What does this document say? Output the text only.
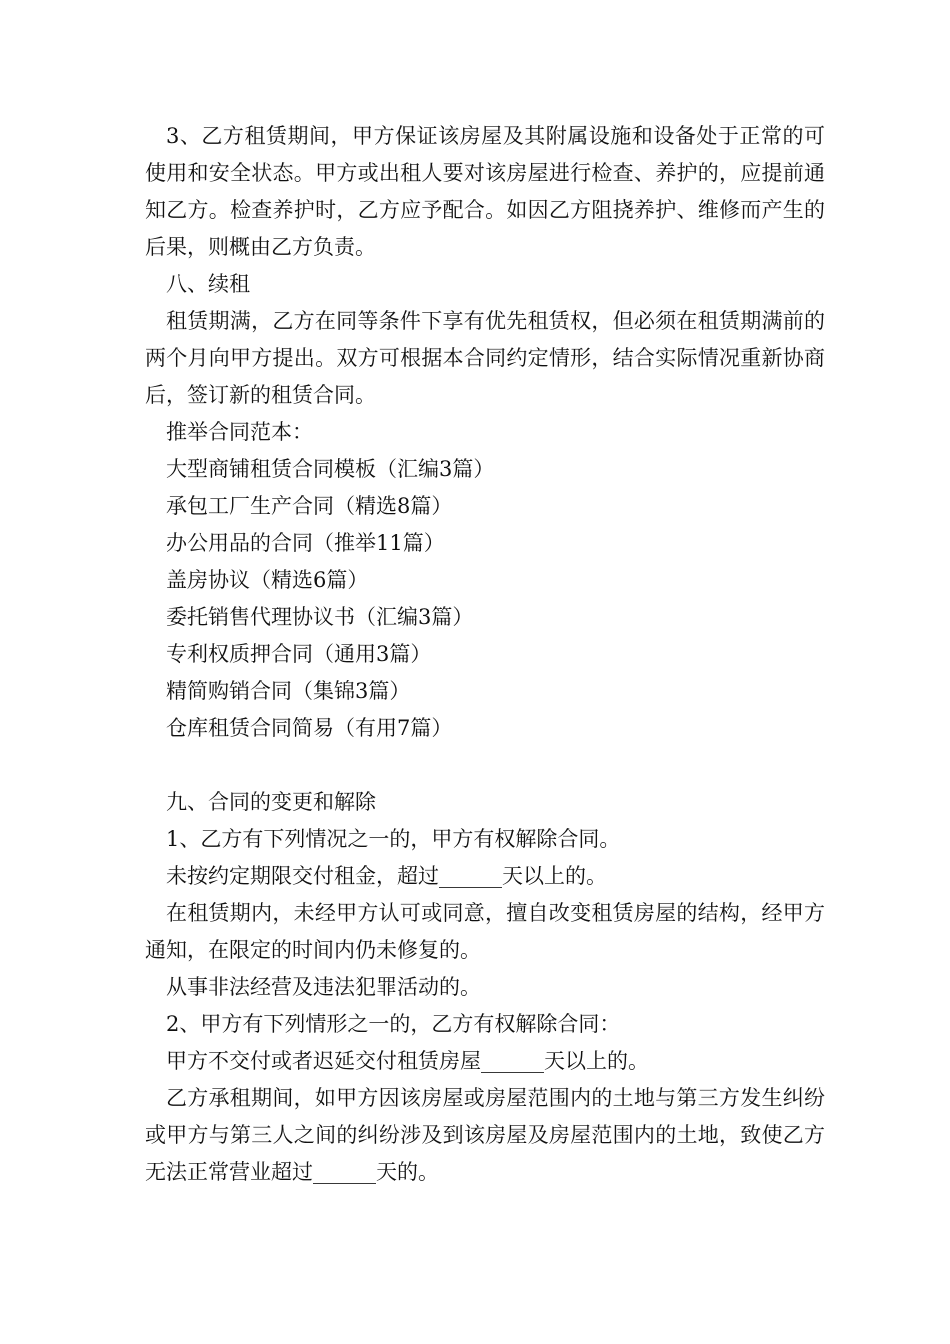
3、乙方租赁期间，甲方保证该房屋及其附属设施和设备处于正常的可使用和安全状态。甲方或出租人要对该房屋进行检查、养护的，应提前通知乙方。检查养护时，乙方应予配合。如因乙方阻挠养护、维修而产生的后果，则概由乙方负责。

八、续租

租赁期满，乙方在同等条件下享有优先租赁权，但必须在租赁期满前的两个月向甲方提出。双方可根据本合同约定情形，结合实际情况重新协商后，签订新的租赁合同。

推举合同范本：

大型商铺租赁合同模板（汇编3篇）

承包工厂生产合同（精选8篇）

办公用品的合同（推举11篇）

盖房协议（精选6篇）

委托销售代理协议书（汇编3篇）

专利权质押合同（通用3篇）

精简购销合同（集锦3篇）

仓库租赁合同简易（有用7篇）

九、合同的变更和解除

1、乙方有下列情况之一的，甲方有权解除合同。

未按约定期限交付租金，超过______天以上的。

在租赁期内，未经甲方认可或同意，擅自改变租赁房屋的结构，经甲方通知，在限定的时间内仍未修复的。

从事非法经营及违法犯罪活动的。

2、甲方有下列情形之一的，乙方有权解除合同：

甲方不交付或者迟延交付租赁房屋______天以上的。

乙方承租期间，如甲方因该房屋或房屋范围内的土地与第三方发生纠纷或甲方与第三人之间的纠纷涉及到该房屋及房屋范围内的土地，致使乙方无法正常营业超过______天的。
